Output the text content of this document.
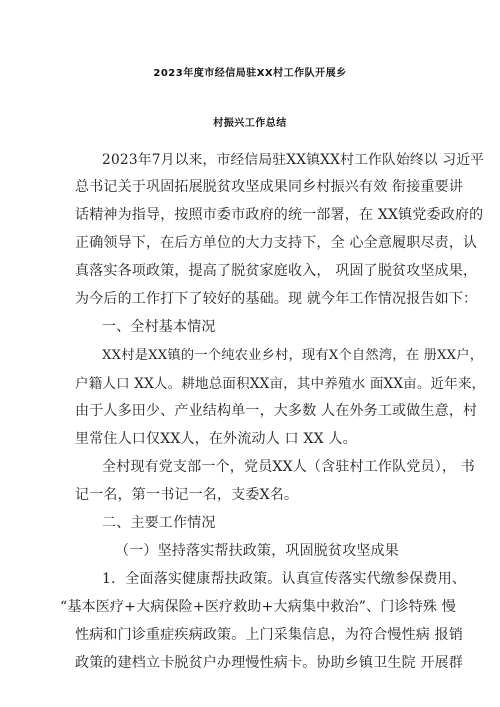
2023年度市经信局驻XX村工作队开展乡
村振兴工作总结
2023年7月以来，市经信局驻XX镇XX村工作队始终以 习近平
总书记关于巩固拓展脱贫攻坚成果同乡村振兴有效 衔接重要讲
话精神为指导，按照市委市政府的统一部署，在 XX镇党委政府的
正确领导下，在后方单位的大力支持下，全 心全意履职尽责，认
真落实各项政策，提高了脱贫家庭收入， 巩固了脱贫攻坚成果，
为今后的工作打下了较好的基础。现 就今年工作情况报告如下：
一、全村基本情况
XX村是XX镇的一个纯农业乡村，现有X个自然湾，在 册XX户，
户籍人口 XX人。耕地总面积XX亩，其中养殖水 面XX亩。近年来，
由于人多田少、产业结构单一，大多数 人在外务工或做生意，村
里常住人口仅XX人，在外流动人 口 XX 人。
全村现有党支部一个，党员XX人（含驻村工作队党员）， 书
记一名，第一书记一名，支委X名。
二、主要工作情况
（一）坚持落实帮扶政策，巩固脱贫攻坚成果
1．全面落实健康帮扶政策。认真宣传落实代缴参保费用、
“基本医疗+大病保险+医疗救助+大病集中救治”、门诊特殊 慢
性病和门诊重症疾病政策。上门采集信息，为符合慢性病 报销
政策的建档立卡脱贫户办理慢性病卡。协助乡镇卫生院 开展群
